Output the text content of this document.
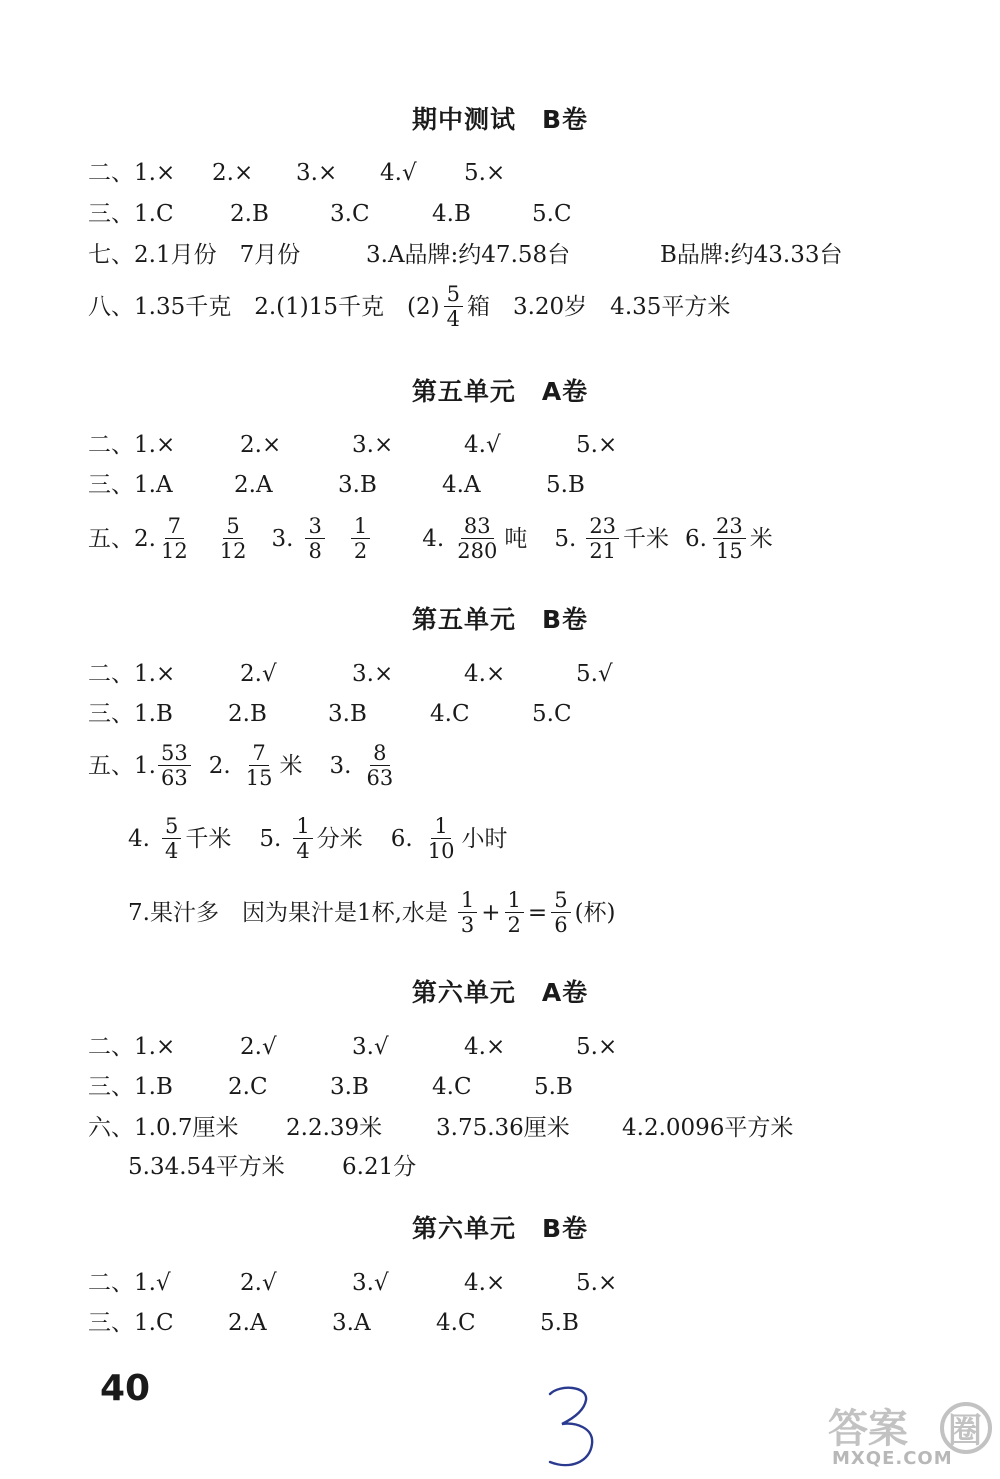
期中测试　B卷
二、1.×	2.×	3.×	4.√	5.×
三、1.C	2.B	3.C	4.B	5.C
七、2.1月份　7月份	3.A品牌:约47.58台	B品牌:约43.33台
八、1.35千克　2.(1)15千克　$(2) \frac{5}{4}$ 箱　3.20岁　4.35平方米
第五单元　A卷
二、1.×	2.×	3.×	4.√	5.×
三、1.A	2.A	3.B	4.A	5.B
五、2. $\frac{7}{12} \frac{5}{12} 3$. $\frac{3}{8} \frac{1}{2} 4$. $\frac{83}{280}$ 吨	5. $\frac{23}{21}$ 千米 6. $\frac{23}{15}$ 米
第五单元　B卷
二、1.×	2.√	3.×	4.×	5.√
三、1.B	2.B	3.B	4.C	5.C
五、1. $\frac{53}{63} 2$. $\frac{7}{15}$ 米	3. $\frac{8}{63}$
4. $\frac{5}{4}$ 千米	5. $\frac{1}{4}$ 分米	6. $\frac{1}{10}$ 小时
7.果汁多　因为果汁是1杯,水是 $\frac{1}{3} + \frac{1}{2} = \frac{5}{6}$ (杯)
第六单元　A卷
二、1.×	2.√	3.√	4.×	5.×
三、1.B	2.C	3.B	4.C	5.B
六、1.0.7厘米	2.2.39米	3.75.36厘米	4.2.0096平方米
5.34.54平方米	6.21分
第六单元　B卷
二、1.√	2.√	3.√	4.×	5.×
三、1.C	2.A	3.A	4.C	5.B
40
答案 圈
MXQE.COM
